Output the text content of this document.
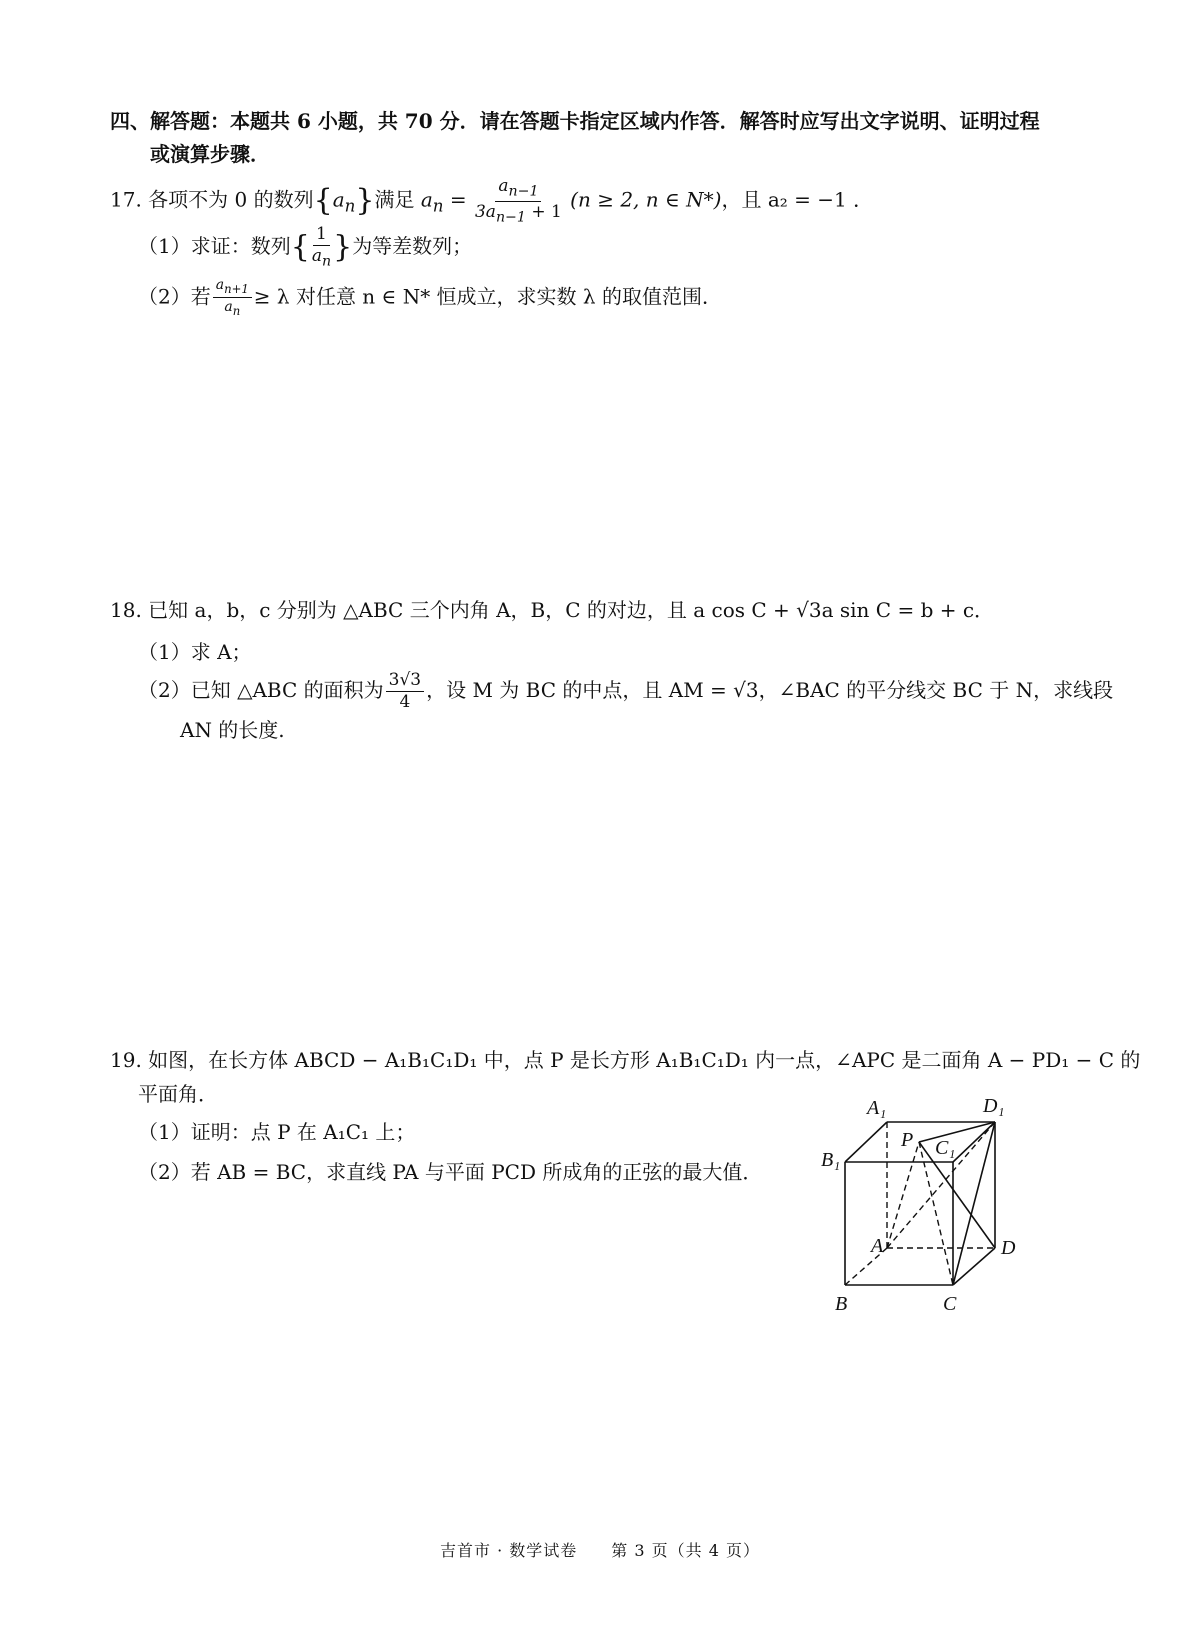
四、解答题：本题共 6 小题，共 70 分．请在答题卡指定区域内作答．解答时应写出文字说明、证明过程
或演算步骤．
17. 各项不为 0 的数列$\{a_n\}$满足 $a_n = \frac{a_{n-1}}{3a_{n-1} + 1} (n \ge 2$, n ∈ N*)，且 a₂ = −1 ．
（1）求证：数列{ $\frac{1}{a_n}$ }为等差数列；
（2）若 $\frac{a_{n+1}}{a_n} \ge \lambda$ 对任意 n ∈ N* 恒成立，求实数 λ 的取值范围．
18. 已知 a，b，c 分别为 △ABC 三个内角 A，B，C 的对边，且 a cos C + √3a sin C = b + c．
（1）求 A；
（2）已知 △ABC 的面积为 $\frac{3√3}{4}$ ，设 M 为 BC 的中点，且 AM = √3，∠BAC 的平分线交 BC 于 N，求线段
AN 的长度.
19. 如图，在长方体 ABCD − A₁B₁C₁D₁ 中，点 P 是长方形 A₁B₁C₁D₁ 内一点，∠APC 是二面角 A − PD₁ − C 的
平面角．
（1）证明：点 P 在 A₁C₁ 上；
（2）若 AB = BC，求直线 PA 与平面 PCD 所成角的正弦的最大值．
A₁	D₁
B₁
C₁
P
A	D
B	C
吉首市 · 数学试卷　　第 3 页（共 4 页）
